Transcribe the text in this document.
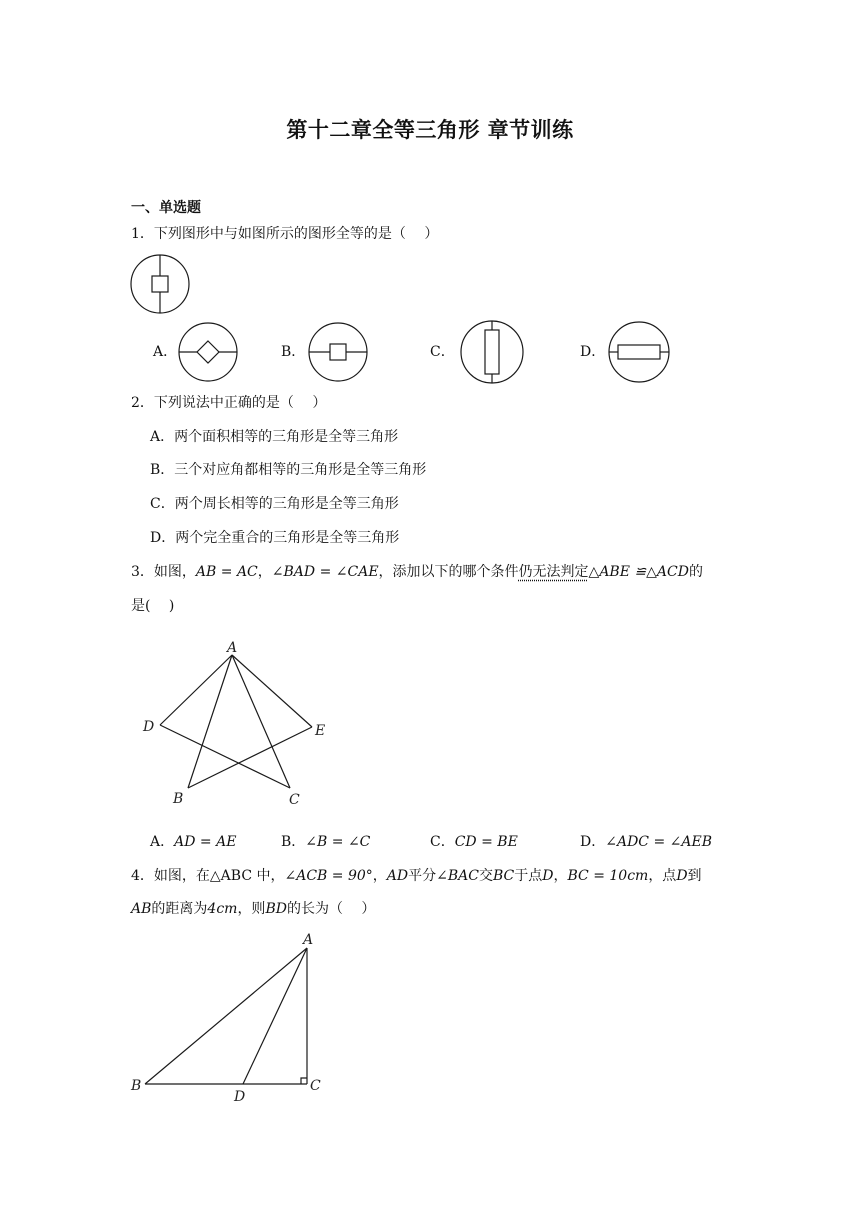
第十二章全等三角形 章节训练
一、单选题
1．下列图形中与如图所示的图形全等的是（　 ）
A．	B．	C．	D．
2．下列说法中正确的是（　 ）
A．两个面积相等的三角形是全等三角形
B．三个对应角都相等的三角形是全等三角形
C．两个周长相等的三角形是全等三角形
D．两个完全重合的三角形是全等三角形
3．如图，AB = AC，∠BAD = ∠CAE，添加以下的哪个条件仍无法判定△ABE ≌△ACD的
是(　 )
A
D	E
B	C
A．AD = AE	B．∠B = ∠C	C．CD = BE	D．∠ADC = ∠AEB
4．如图，在△ABC 中，∠ACB = 90°，AD平分∠BAC交BC于点D，BC = 10cm，点D到
AB的距离为4cm，则BD的长为（　 ）
A
B
D
C
